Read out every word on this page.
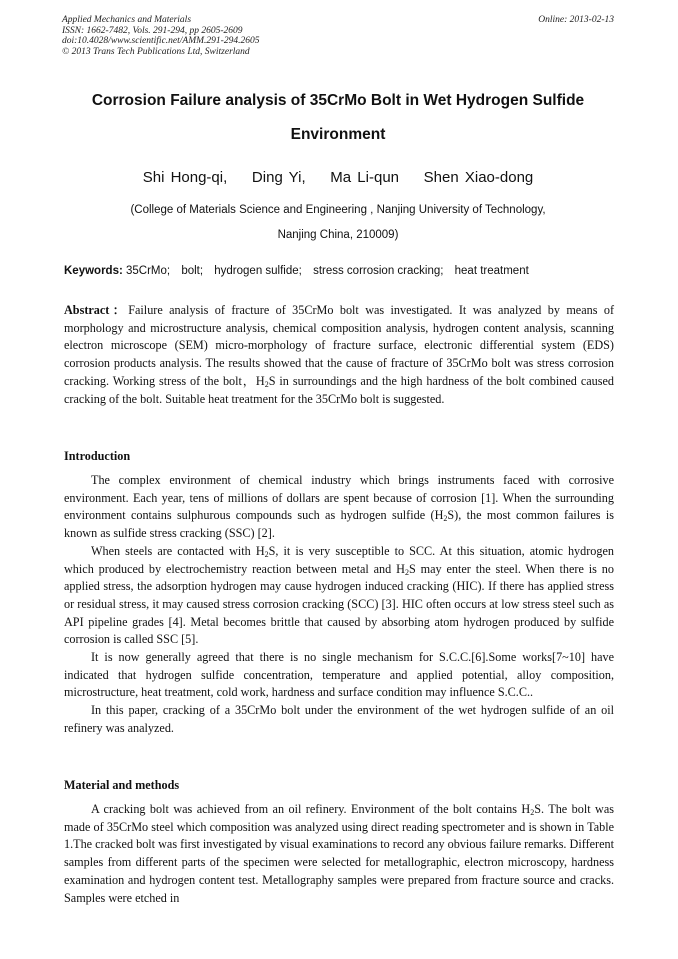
Applied Mechanics and Materials
ISSN: 1662-7482, Vols. 291-294, pp 2605-2609
doi:10.4028/www.scientific.net/AMM.291-294.2605
© 2013 Trans Tech Publications Ltd, Switzerland
Online: 2013-02-13
Corrosion Failure analysis of 35CrMo Bolt in Wet Hydrogen Sulfide
Environment
Shi Hong-qi,    Ding Yi,    Ma Li-qun    Shen Xiao-dong
(College of Materials Science and Engineering , Nanjing University of Technology,
Nanjing China, 210009)
Keywords: 35CrMo; bolt; hydrogen sulfide; stress corrosion cracking; heat treatment

Abstract：Failure analysis of fracture of 35CrMo bolt was investigated. It was analyzed by means of morphology and microstructure analysis, chemical composition analysis, hydrogen content analysis, scanning electron microscope (SEM) micro-morphology of fracture surface, electronic differential system (EDS) corrosion products analysis. The results showed that the cause of fracture of 35CrMo bolt was stress corrosion cracking. Working stress of the bolt，$H_2S$ in surroundings and the high hardness of the bolt combined caused cracking of the bolt. Suitable heat treatment for the 35CrMo bolt is suggested.

Introduction

The complex environment of chemical industry which brings instruments faced with corrosive environment. Each year, tens of millions of dollars are spent because of corrosion [1]. When the surrounding environment contains sulphurous compounds such as hydrogen sulfide $(H_2S)$, the most common failures is known as sulfide stress cracking (SSC) [2].

When steels are contacted with $H_2S$, it is very susceptible to SCC. At this situation, atomic hydrogen which produced by electrochemistry reaction between metal and $H_2S$ may enter the steel. When there is no applied stress, the adsorption hydrogen may cause hydrogen induced cracking (HIC). If there has applied stress or residual stress, it may caused stress corrosion cracking (SCC) [3]. HIC often occurs at low stress steel such as API pipeline grades [4]. Metal becomes brittle that caused by absorbing atom hydrogen produced by sulfide corrosion is called SSC [5].

It is now generally agreed that there is no single mechanism for S.C.C.[6].Some works[7~10] have indicated that hydrogen sulfide concentration, temperature and applied potential, alloy composition, microstructure, heat treatment, cold work, hardness and surface condition may influence S.C.C..

In this paper, cracking of a 35CrMo bolt under the environment of the wet hydrogen sulfide of an oil refinery was analyzed.

Material and methods

A cracking bolt was achieved from an oil refinery. Environment of the bolt contains $H_2S$. The bolt was made of 35CrMo steel which composition was analyzed using direct reading spectrometer and is shown in Table 1.The cracked bolt was first investigated by visual examinations to record any obvious failure remarks. Different samples from different parts of the specimen were selected for metallographic, electron microscopy, hardness examination and hydrogen content test. Metallography samples were prepared from fracture source and cracks. Samples were etched in
